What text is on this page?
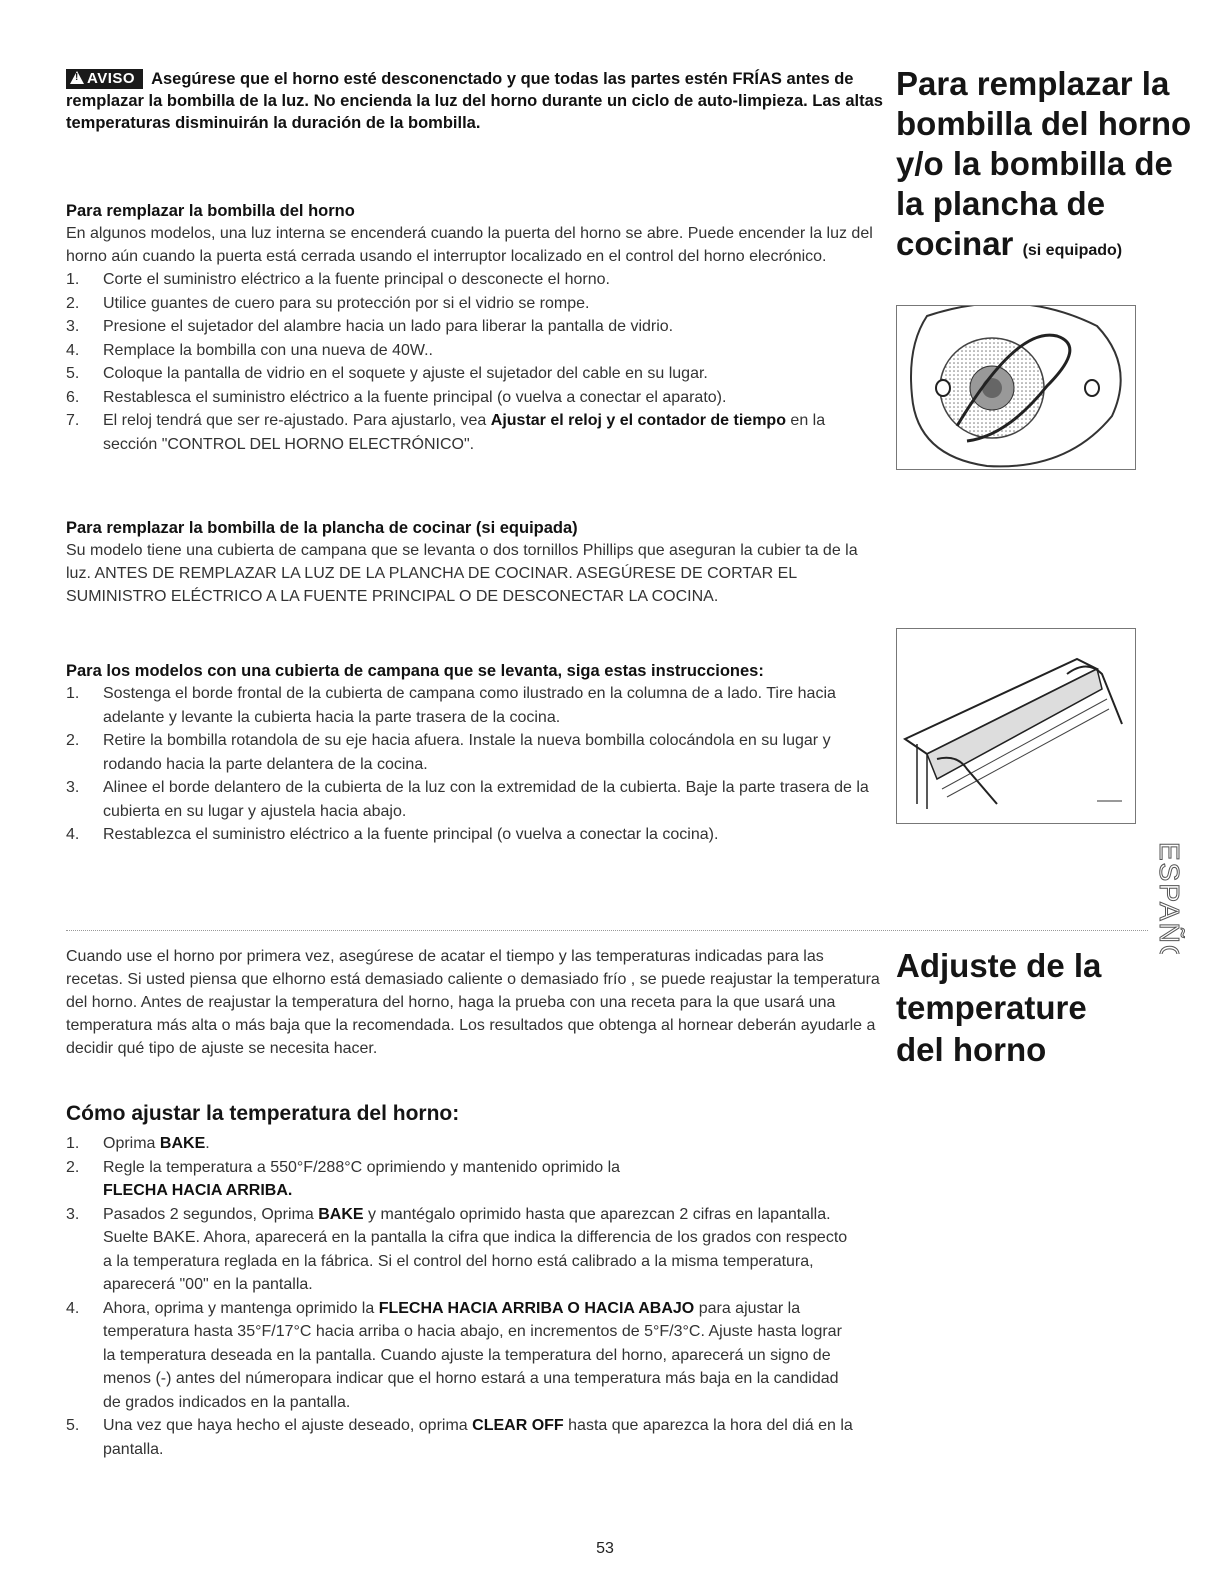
!AVISO Asegúrese que el horno esté desconenctado y que todas las partes estén FRÍAS antes de remplazar la bombilla de la luz. No encienda la luz del horno durante un ciclo de auto-limpieza. Las altas temperaturas disminuirán la duración de la bombilla.
Para remplazar la bombilla del horno y/o la bombilla de la plancha de cocinar (si equipado)
Para remplazar la bombilla del horno
En algunos modelos, una luz interna se encenderá cuando la puerta del horno se abre. Puede encender la luz del horno aún cuando la puerta está cerrada usando el interruptor localizado en el control del horno elecrónico.
1. Corte el suministro eléctrico a la fuente principal o desconecte el horno.
2. Utilice guantes de cuero para su protección por si el vidrio se rompe.
3. Presione el sujetador del alambre hacia un lado para liberar la pantalla de vidrio.
4. Remplace la bombilla con una nueva de 40W..
5. Coloque la pantalla de vidrio en el soquete y ajuste el sujetador del cable en su lugar.
6. Restablesca el suministro eléctrico a la fuente principal (o vuelva a conectar el aparato).
7. El reloj tendrá que ser re-ajustado. Para ajustarlo, vea Ajustar el reloj y el contador de tiempo en la sección "CONTROL DEL HORNO ELECTRÓNICO".
Para remplazar la bombilla de la plancha de cocinar (si equipada)
Su modelo tiene una cubierta de campana que se levanta o dos tornillos Phillips que aseguran la cubier ta de la luz. ANTES DE REMPLAZAR LA LUZ DE LA PLANCHA DE COCINAR. ASEGÚRESE DE CORTAR EL SUMINISTRO ELÉCTRICO A LA FUENTE PRINCIPAL O DE DESCONECTAR LA COCINA.
Para los modelos con una cubierta de campana que se levanta, siga estas instrucciones:
1. Sostenga el borde frontal de la cubierta de campana como ilustrado en la columna de a lado. Tire hacia adelante y levante la cubierta hacia la parte trasera de la cocina.
2. Retire la bombilla rotandola de su eje hacia afuera. Instale la nueva bombilla colocándola en su lugar y rodando hacia la parte delantera de la cocina.
3. Alinee el borde delantero de la cubierta de la luz con la extremidad de la cubierta. Baje la parte trasera de la cubierta en su lugar y ajustela hacia abajo.
4. Restablezca el suministro eléctrico a la fuente principal (o vuelva a conectar la cocina).
ESPAÑOL
Adjuste de la temperature del horno
Cuando use el horno por primera vez, asegúrese de acatar el tiempo y las temperaturas indicadas para las recetas. Si usted piensa que elhorno está demasiado caliente o demasiado frío , se puede reajustar la temperatura del horno. Antes de reajustar la temperatura del horno, haga la prueba con una receta para la que usará una temperatura más alta o más baja que la recomendada. Los resultados que obtenga al hornear deberán ayudarle a decidir qué tipo de ajuste se necesita hacer.
Cómo ajustar la temperatura del horno:
1. Oprima BAKE.
2. Regle la temperatura a 550°F/288°C oprimiendo y mantenido oprimido la
FLECHA HACIA ARRIBA.
3. Pasados 2 segundos, Oprima BAKE y mantégalo oprimido hasta que aparezcan 2 cifras en lapantalla. Suelte BAKE. Ahora, aparecerá en la pantalla la cifra que indica la differencia de los grados con respecto a la temperatura reglada en la fábrica. Si el control del horno está calibrado a la misma temperatura, aparecerá "00" en la pantalla.
4. Ahora, oprima y mantenga oprimido la FLECHA HACIA ARRIBA O HACIA ABAJO para ajustar la temperatura hasta 35°F/17°C hacia arriba o hacia abajo, en incrementos de 5°F/3°C. Ajuste hasta lograr la temperatura deseada en la pantalla. Cuando ajuste la temperatura del horno, aparecerá un signo de menos (-) antes del númeropara indicar que el horno estará a una temperatura más baja en la candidad de grados indicados en la pantalla.
5. Una vez que haya hecho el ajuste deseado, oprima CLEAR OFF hasta que aparezca la hora del diá en la pantalla.
53
